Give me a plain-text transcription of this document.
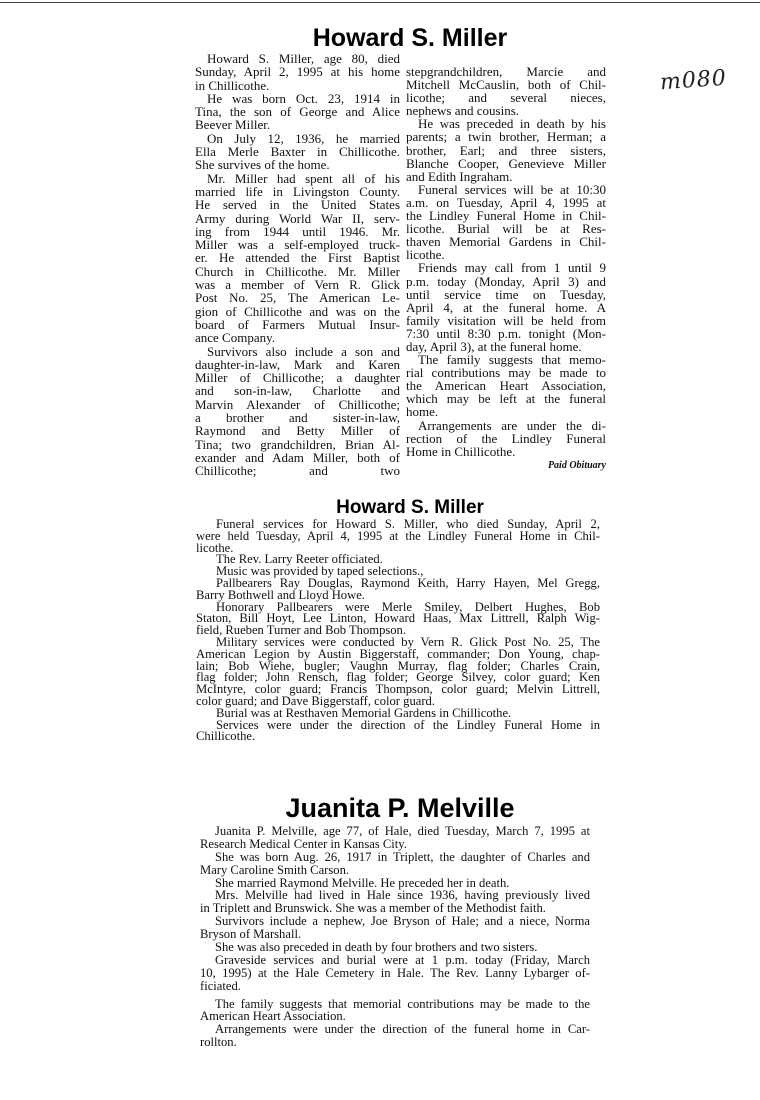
m080
Howard S. Miller
Howard S. Miller, age 80, died
Sunday, April 2, 1995 at his home
in Chillicothe.
He was born Oct. 23, 1914 in
Tina, the son of George and Alice
Beever Miller.
On July 12, 1936, he married
Ella Merle Baxter in Chillicothe.
She survives of the home.
Mr. Miller had spent all of his
married life in Livingston County.
He served in the United States
Army during World War II, serv-
ing from 1944 until 1946. Mr.
Miller was a self-employed truck-
er. He attended the First Baptist
Church in Chillicothe. Mr. Miller
was a member of Vern R. Glick
Post No. 25, The American Le-
gion of Chillicothe and was on the
board of Farmers Mutual Insur-
ance Company.
Survivors also include a son and
daughter-in-law, Mark and Karen
Miller of Chillicothe; a daughter
and son-in-law, Charlotte and
Marvin Alexander of Chillicothe;
a brother and sister-in-law,
Raymond and Betty Miller of
Tina; two grandchildren, Brian Al-
exander and Adam Miller, both of
Chillicothe; and two
stepgrandchildren, Marcie and
Mitchell McCauslin, both of Chil-
licothe; and several nieces,
nephews and cousins.
He was preceded in death by his
parents; a twin brother, Herman; a
brother, Earl; and three sisters,
Blanche Cooper, Genevieve Miller
and Edith Ingraham.
Funeral services will be at 10:30
a.m. on Tuesday, April 4, 1995 at
the Lindley Funeral Home in Chil-
licothe. Burial will be at Res-
thaven Memorial Gardens in Chil-
licothe.
Friends may call from 1 until 9
p.m. today (Monday, April 3) and
until service time on Tuesday,
April 4, at the funeral home. A
family visitation will be held from
7:30 until 8:30 p.m. tonight (Mon-
day, April 3), at the funeral home.
The family suggests that memo-
rial contributions may be made to
the American Heart Association,
which may be left at the funeral
home.
Arrangements are under the di-
rection of the Lindley Funeral
Home in Chillicothe.
Paid Obituary
Howard S. Miller
Funeral services for Howard S. Miller, who died Sunday, April 2,
were held Tuesday, April 4, 1995 at the Lindley Funeral Home in Chil-
licothe.
The Rev. Larry Reeter officiated.
Music was provided by taped selections.,
Pallbearers Ray Douglas, Raymond Keith, Harry Hayen, Mel Gregg,
Barry Bothwell and Lloyd Howe.
Honorary Pallbearers were Merle Smiley, Delbert Hughes, Bob
Staton, Bill Hoyt, Lee Linton, Howard Haas, Max Littrell, Ralph Wig-
field, Rueben Turner and Bob Thompson.
Military services were conducted by Vern R. Glick Post No. 25, The
American Legion by Austin Biggerstaff, commander; Don Young, chap-
lain; Bob Wiehe, bugler; Vaughn Murray, flag folder; Charles Crain,
flag folder; John Rensch, flag folder; George Silvey, color guard; Ken
McIntyre, color guard; Francis Thompson, color guard; Melvin Littrell,
color guard; and Dave Biggerstaff, color guard.
Burial was at Resthaven Memorial Gardens in Chillicothe.
Services were under the direction of the Lindley Funeral Home in
Chillicothe.
Juanita P. Melville
Juanita P. Melville, age 77, of Hale, died Tuesday, March 7, 1995 at
Research Medical Center in Kansas City.
She was born Aug. 26, 1917 in Triplett, the daughter of Charles and
Mary Caroline Smith Carson.
She married Raymond Melville. He preceded her in death.
Mrs. Melville had lived in Hale since 1936, having previously lived
in Triplett and Brunswick. She was a member of the Methodist faith.
Survivors include a nephew, Joe Bryson of Hale; and a niece, Norma
Bryson of Marshall.
She was also preceded in death by four brothers and two sisters.
Graveside services and burial were at 1 p.m. today (Friday, March
10, 1995) at the Hale Cemetery in Hale. The Rev. Lanny Lybarger of-
ficiated.
The family suggests that memorial contributions may be made to the
American Heart Association.
Arrangements were under the direction of the funeral home in Car-
rollton.
